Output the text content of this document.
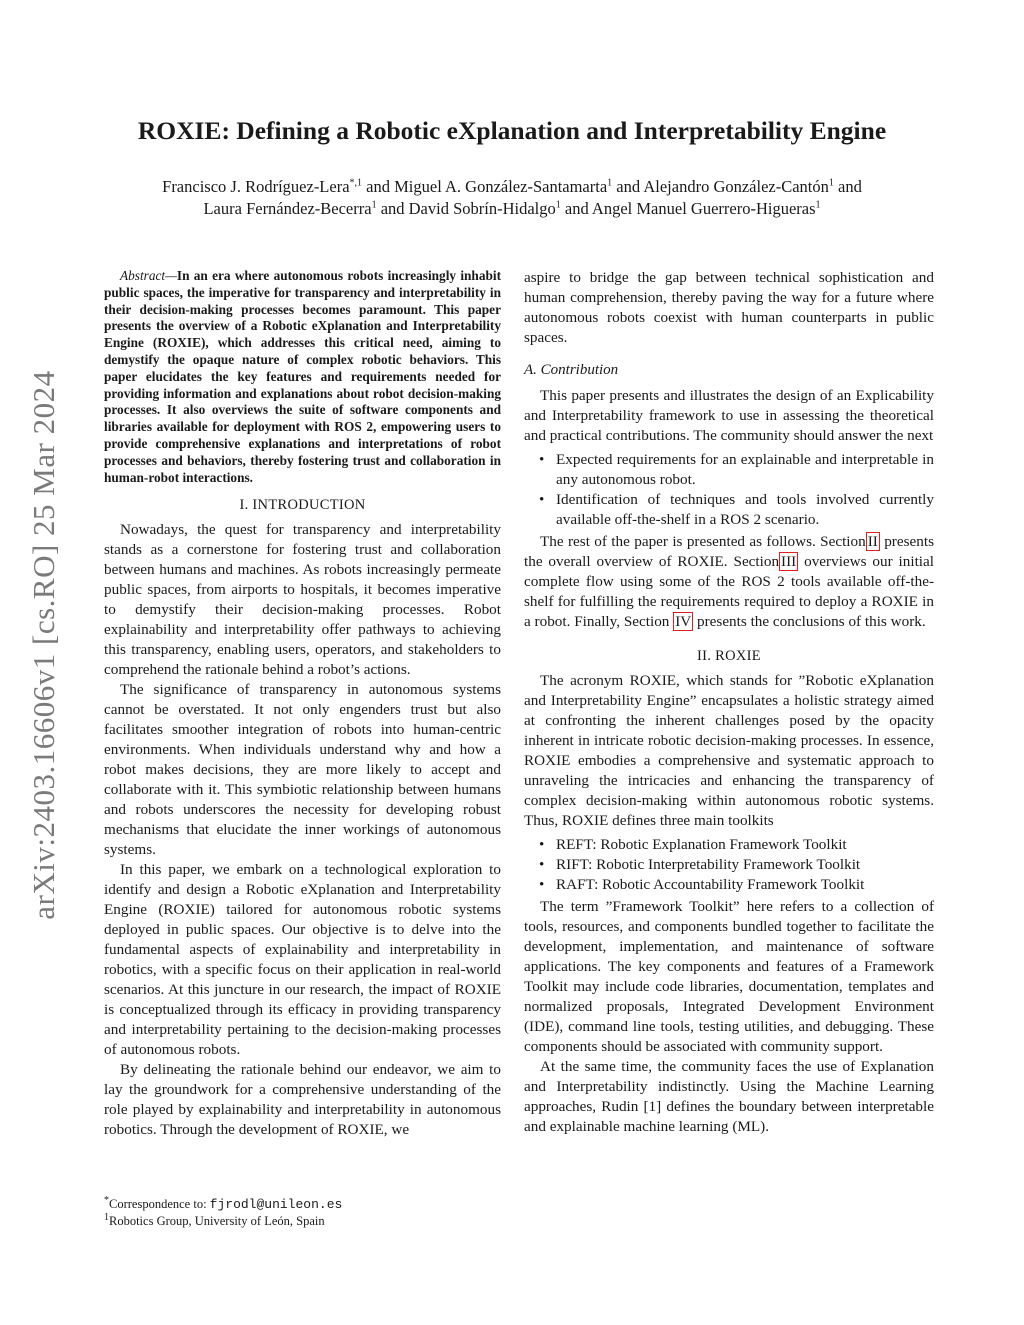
arXiv:2403.16606v1 [cs.RO] 25 Mar 2024
ROXIE: Defining a Robotic eXplanation and Interpretability Engine
Francisco J. Rodríguez-Lera$^{*,1}$ and Miguel A. González-Santamarta$^1$ and Alejandro González-Cantón$^1$ and
Laura Fernández-Becerra$^1$ and David Sobrín-Hidalgo$^1$ and Angel Manuel Guerrero-Higueras$^1$

Abstract—In an era where autonomous robots increasingly inhabit public spaces, the imperative for transparency and interpretability in their decision-making processes becomes paramount. This paper presents the overview of a Robotic eXplanation and Interpretability Engine (ROXIE), which addresses this critical need, aiming to demystify the opaque nature of complex robotic behaviors. This paper elucidates the key features and requirements needed for providing information and explanations about robot decision-making processes. It also overviews the suite of software components and libraries available for deployment with ROS 2, empowering users to provide comprehensive explanations and interpretations of robot processes and behaviors, thereby fostering trust and collaboration in human-robot interactions.

I. INTRODUCTION

Nowadays, the quest for transparency and interpretability stands as a cornerstone for fostering trust and collaboration between humans and machines. As robots increasingly permeate public spaces, from airports to hospitals, it becomes imperative to demystify their decision-making processes. Robot explainability and interpretability offer pathways to achieving this transparency, enabling users, operators, and stakeholders to comprehend the rationale behind a robot’s actions.

The significance of transparency in autonomous systems cannot be overstated. It not only engenders trust but also facilitates smoother integration of robots into human-centric environments. When individuals understand why and how a robot makes decisions, they are more likely to accept and collaborate with it. This symbiotic relationship between humans and robots underscores the necessity for developing robust mechanisms that elucidate the inner workings of autonomous systems.

In this paper, we embark on a technological exploration to identify and design a Robotic eXplanation and Interpretability Engine (ROXIE) tailored for autonomous robotic systems deployed in public spaces. Our objective is to delve into the fundamental aspects of explainability and interpretability in robotics, with a specific focus on their application in real-world scenarios. At this juncture in our research, the impact of ROXIE is conceptualized through its efficacy in providing transparency and interpretability pertaining to the decision-making processes of autonomous robots.

By delineating the rationale behind our endeavor, we aim to lay the groundwork for a comprehensive understanding of the role played by explainability and interpretability in autonomous robotics. Through the development of ROXIE, we

*Correspondence to: fjrodl@unileon.es
$^1$Robotics Group, University of León, Spain

aspire to bridge the gap between technical sophistication and human comprehension, thereby paving the way for a future where autonomous robots coexist with human counterparts in public spaces.

A. Contribution

This paper presents and illustrates the design of an Explicability and Interpretability framework to use in assessing the theoretical and practical contributions. The community should answer the next

• Expected requirements for an explainable and interpretable in any autonomous robot.
• Identification of techniques and tools involved currently available off-the-shelf in a ROS 2 scenario.

The rest of the paper is presented as follows. Section II presents the overall overview of ROXIE. Section III overviews our initial complete flow using some of the ROS 2 tools available off-the-shelf for fulfilling the requirements required to deploy a ROXIE in a robot. Finally, Section IV presents the conclusions of this work.

II. ROXIE

The acronym ROXIE, which stands for ”Robotic eXplanation and Interpretability Engine” encapsulates a holistic strategy aimed at confronting the inherent challenges posed by the opacity inherent in intricate robotic decision-making processes. In essence, ROXIE embodies a comprehensive and systematic approach to unraveling the intricacies and enhancing the transparency of complex decision-making within autonomous robotic systems. Thus, ROXIE defines three main toolkits

• REFT: Robotic Explanation Framework Toolkit
• RIFT: Robotic Interpretability Framework Toolkit
• RAFT: Robotic Accountability Framework Toolkit

The term ”Framework Toolkit” here refers to a collection of tools, resources, and components bundled together to facilitate the development, implementation, and maintenance of software applications. The key components and features of a Framework Toolkit may include code libraries, documentation, templates and normalized proposals, Integrated Development Environment (IDE), command line tools, testing utilities, and debugging. These components should be associated with community support.

At the same time, the community faces the use of Explanation and Interpretability indistinctly. Using the Machine Learning approaches, Rudin [1] defines the boundary between interpretable and explainable machine learning (ML).
